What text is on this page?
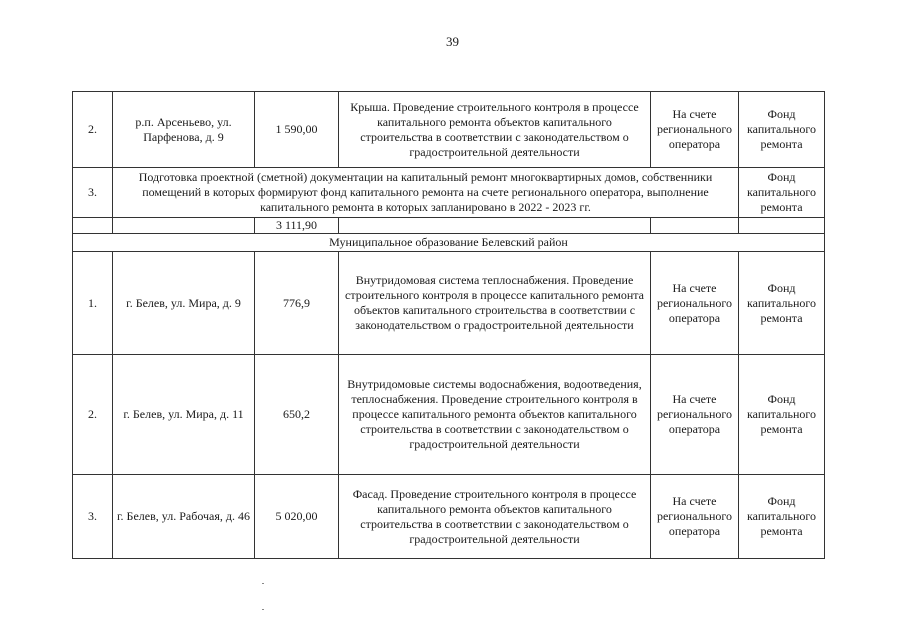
39
2.	р.п. Арсеньево, ул. Парфенова, д. 9	1 590,00	Крыша. Проведение строительного контроля в процессе капитального ремонта объектов капитального строительства в соответствии с законодательством о градостроительной деятельности	На счете регионального оператора	Фонд капитального ремонта
3.	Подготовка проектной (сметной) документации на капитальный ремонт многоквартирных домов, собственники помещений в которых формируют фонд капитального ремонта на счете регионального оператора, выполнение капитального ремонта в которых запланировано в 2022 - 2023 гг.				Фонд капитального ремонта
		3 111,90			
Муниципальное образование Белевский район					
1.	г. Белев, ул. Мира, д. 9	776,9	Внутридомовая система теплоснабжения. Проведение строительного контроля в процессе капитального ремонта объектов капитального строительства в соответствии с законодательством о градостроительной деятельности	На счете регионального оператора	Фонд капитального ремонта
2.	г. Белев, ул. Мира, д. 11	650,2	Внутридомовые системы водоснабжения, водоотведения, теплоснабжения. Проведение строительного контроля в процессе капитального ремонта объектов капитального строительства в соответствии с законодательством о градостроительной деятельности	На счете регионального оператора	Фонд капитального ремонта
3.	г. Белев, ул. Рабочая, д. 46	5 020,00	Фасад. Проведение строительного контроля в процессе капитального ремонта объектов капитального строительства в соответствии с законодательством о градостроительной деятельности	На счете регионального оператора	Фонд капитального ремонта
